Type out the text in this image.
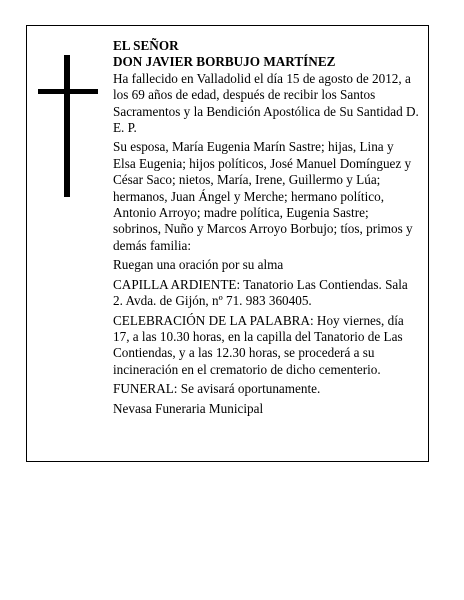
EL SEÑOR

DON JAVIER BORBUJO MARTÍNEZ

Ha fallecido en Valladolid el día 15 de agosto de 2012, a los 69 años de edad, después de recibir los Santos Sacramentos y la Bendición Apostólica de Su Santidad D. E. P.

Su esposa, María Eugenia Marín Sastre; hijas, Lina y Elsa Eugenia; hijos políticos, José Manuel Domínguez y César Saco; nietos, María, Irene, Guillermo y Lúa; hermanos, Juan Ángel y Merche; hermano político, Antonio Arroyo; madre política, Eugenia Sastre; sobrinos, Nuño y Marcos Arroyo Borbujo; tíos, primos y demás familia:

Ruegan una oración por su alma

CAPILLA ARDIENTE: Tanatorio Las Contiendas. Sala 2. Avda. de Gijón, nº 71. 983 360405.

CELEBRACIÓN DE LA PALABRA: Hoy viernes, día 17, a las 10.30 horas, en la capilla del Tanatorio de Las Contiendas, y a las 12.30 horas, se procederá a su incineración en el crematorio de dicho cementerio.

FUNERAL: Se avisará oportunamente.

Nevasa Funeraria Municipal
